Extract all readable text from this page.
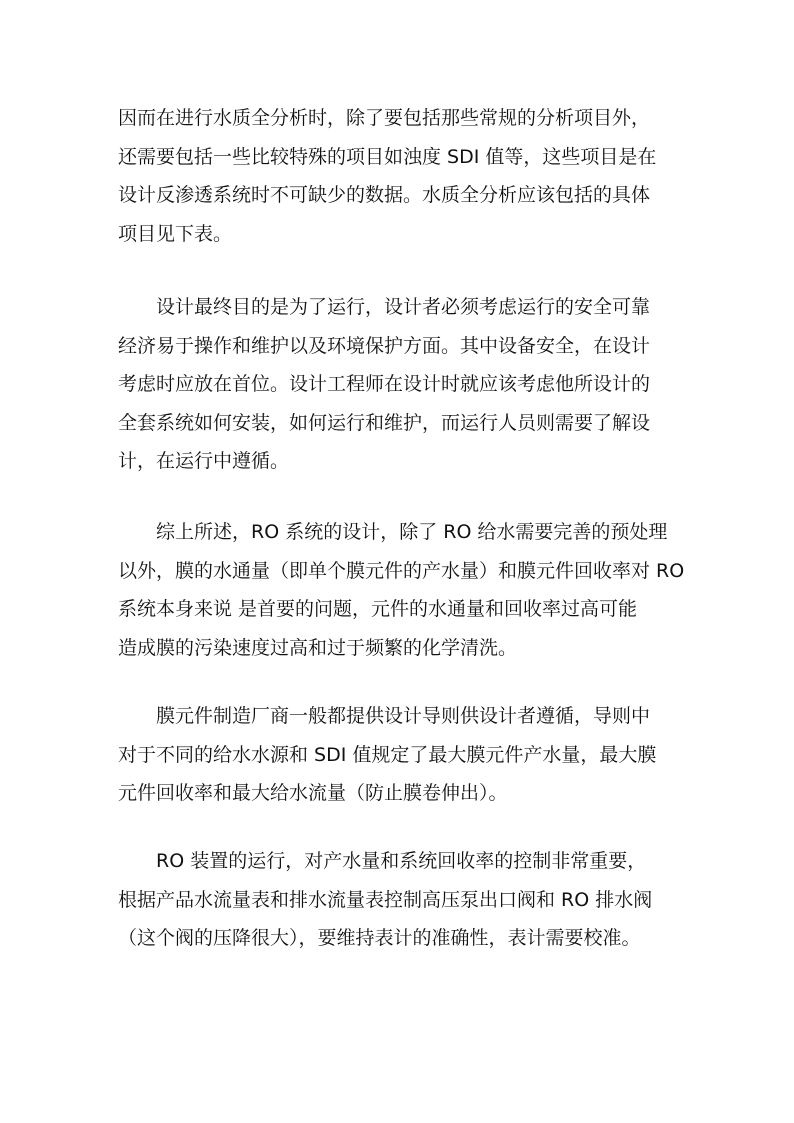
因而在进行水质全分析时，除了要包括那些常规的分析项目外，
还需要包括一些比较特殊的项目如浊度 SDI 值等，这些项目是在
设计反渗透系统时不可缺少的数据。水质全分析应该包括的具体
项目见下表。
　　设计最终目的是为了运行，设计者必须考虑运行的安全可靠
经济易于操作和维护以及环境保护方面。其中设备安全，在设计
考虑时应放在首位。设计工程师在设计时就应该考虑他所设计的
全套系统如何安装，如何运行和维护，而运行人员则需要了解设
计，在运行中遵循。
　　综上所述，RO 系统的设计，除了 RO 给水需要完善的预处理
以外，膜的水通量（即单个膜元件的产水量）和膜元件回收率对 RO
系统本身来说 是首要的问题，元件的水通量和回收率过高可能
造成膜的污染速度过高和过于频繁的化学清洗。
　　膜元件制造厂商一般都提供设计导则供设计者遵循，导则中
对于不同的给水水源和 SDI 值规定了最大膜元件产水量，最大膜
元件回收率和最大给水流量（防止膜卷伸出）。
　　RO 装置的运行，对产水量和系统回收率的控制非常重要，
根据产品水流量表和排水流量表控制高压泵出口阀和 RO 排水阀
（这个阀的压降很大），要维持表计的准确性，表计需要校准。
